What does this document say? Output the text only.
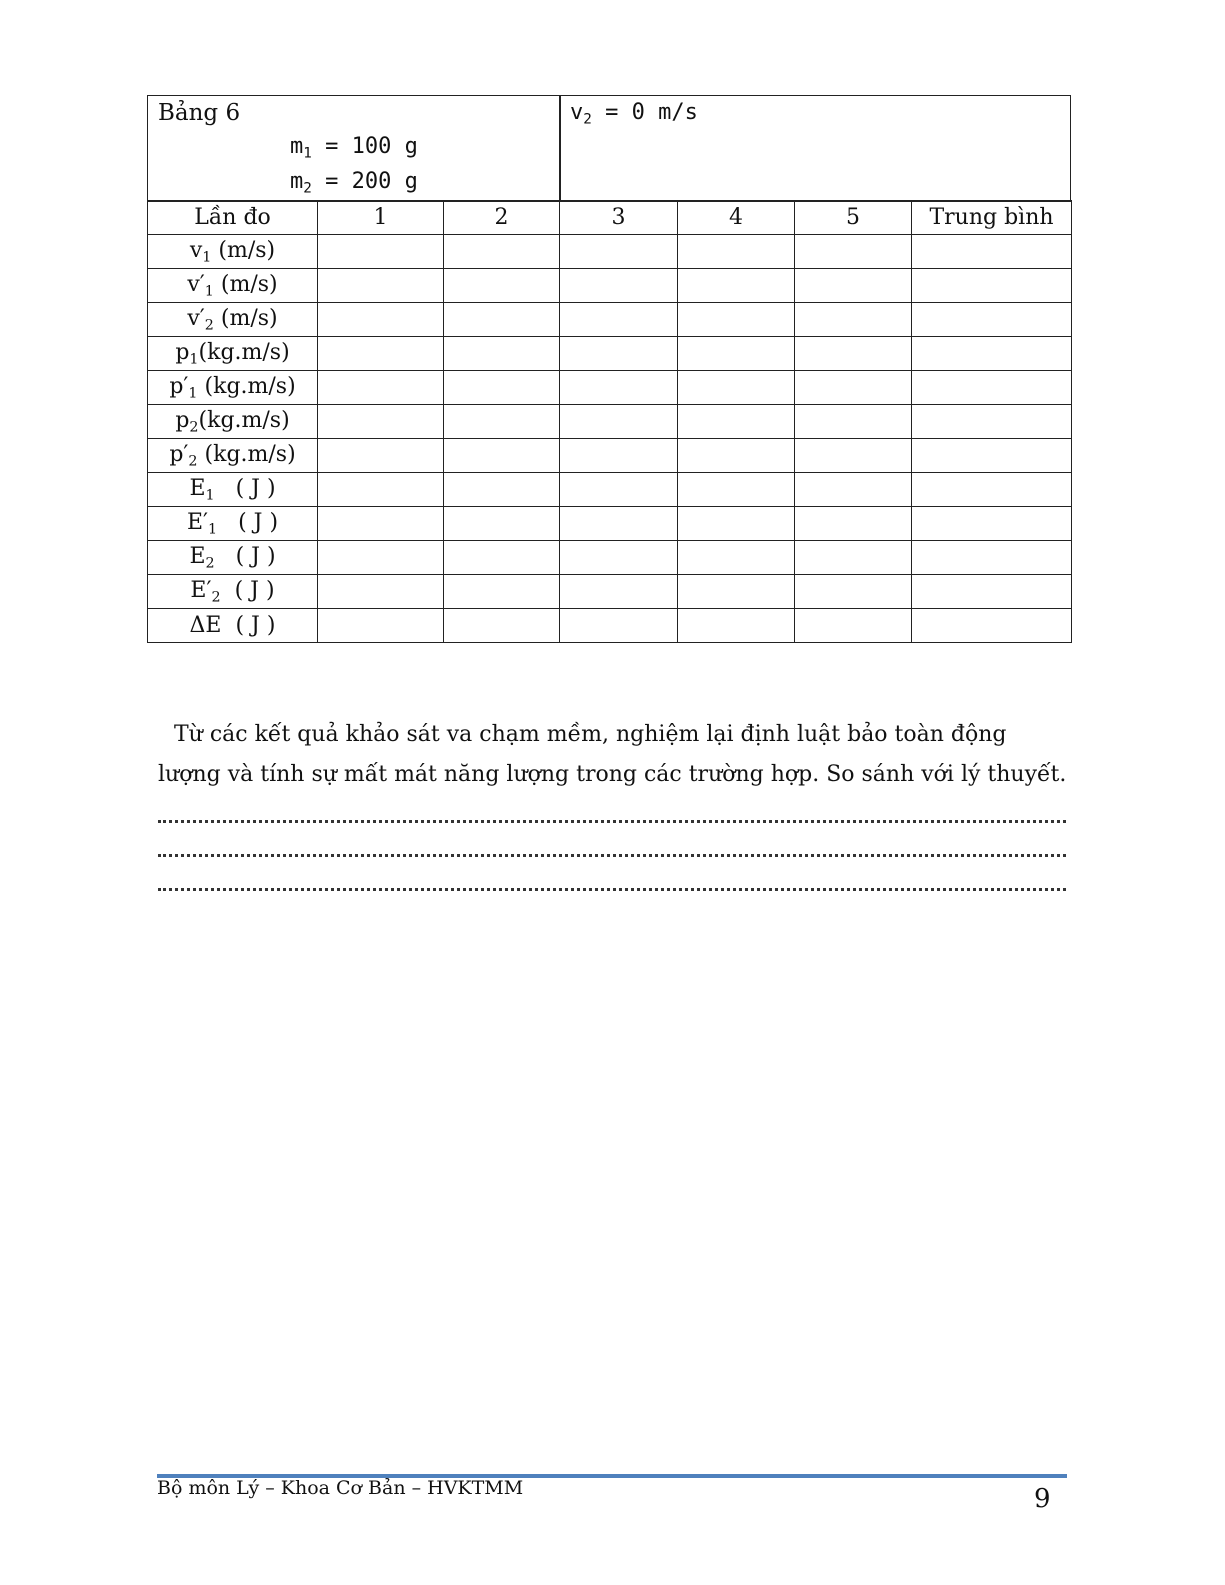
Bảng 6
$m_1 = 100$ g
$m_2 = 200$ g
$v_2 = 0$ m/s
Lần đo	1	2	3	4	5	Trung bình
$v_1$ (m/s)						
$v'_1$ (m/s)						
$v'_2$ (m/s)						
$p_1(kg.m/s)$						
$p'_1$ (kg.m/s)						
$p_2(kg.m/s)$						
$p'_2$ (kg.m/s)						
$E_1$   ( J )						
$E'_1$   ( J )						
$E_2$   ( J )						
$E'_2$  ( J )						
ΔE  ( J )						
Từ các kết quả khảo sát va chạm mềm, nghiệm lại định luật bảo toàn động lượng và tính sự mất mát năng lượng trong các trường hợp. So sánh với lý thuyết.
Bộ môn Lý – Khoa Cơ Bản – HVKTMM	9
